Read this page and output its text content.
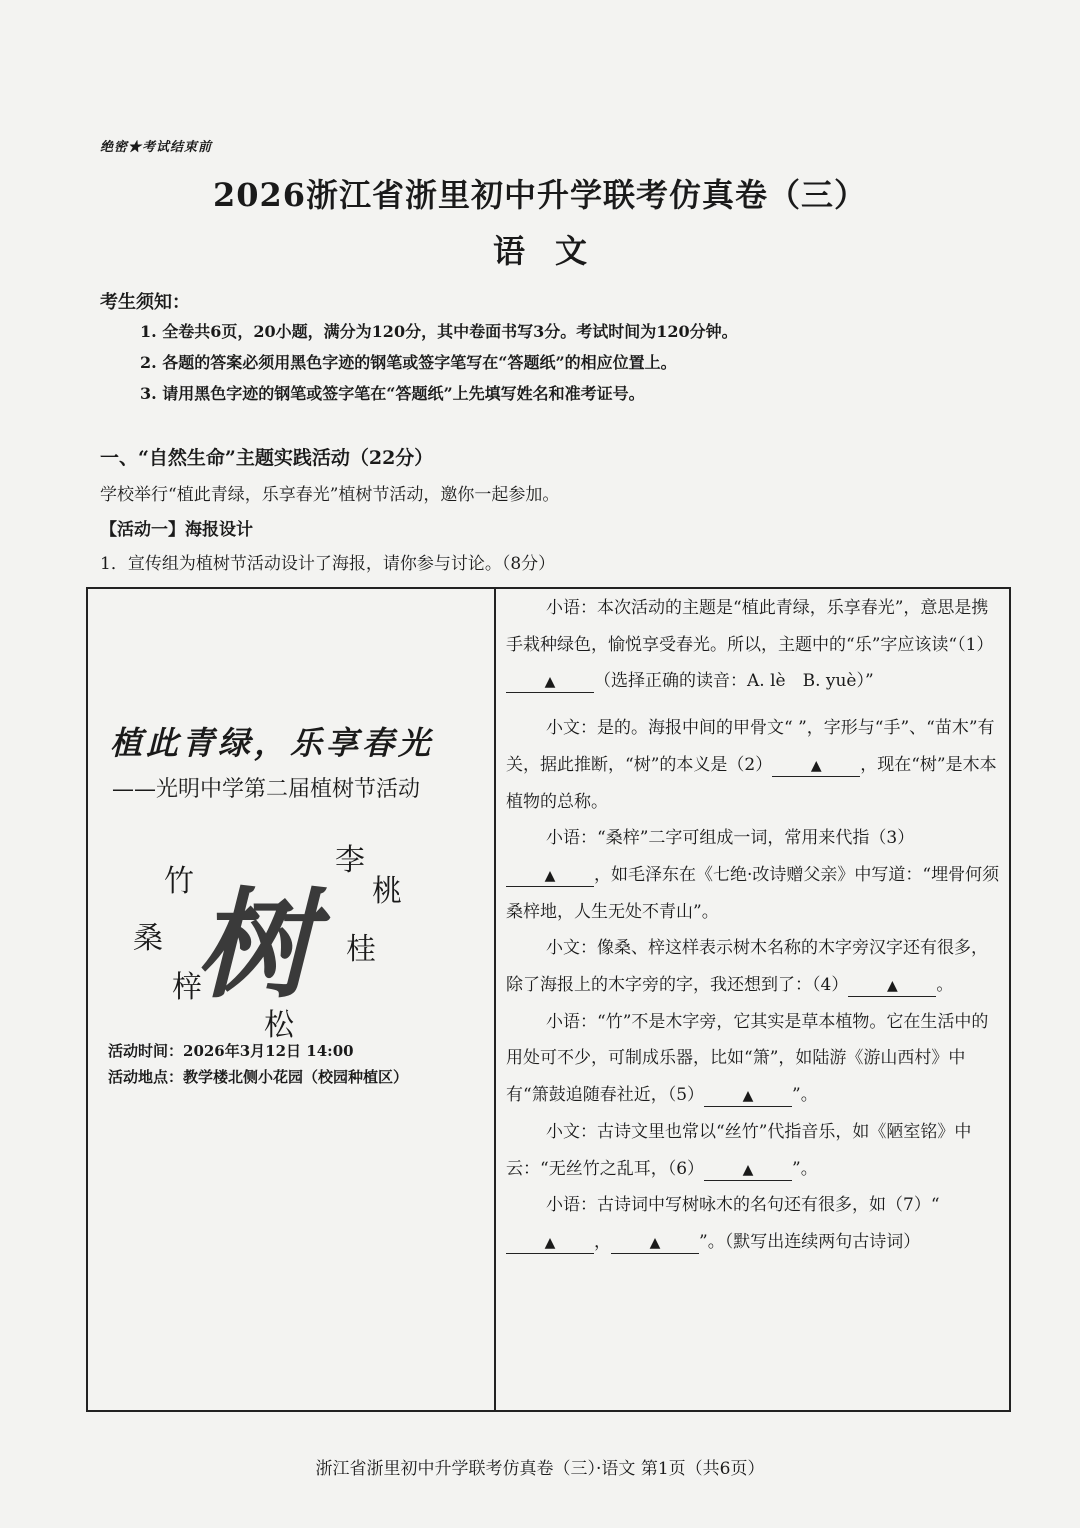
绝密★考试结束前
2026浙江省浙里初中升学联考仿真卷（三）
语文
考生须知：
1. 全卷共6页，20小题，满分为120分，其中卷面书写3分。考试时间为120分钟。
2. 各题的答案必须用黑色字迹的钢笔或签字笔写在“答题纸”的相应位置上。
3. 请用黑色字迹的钢笔或签字笔在“答题纸”上先填写姓名和准考证号。
一、“自然生命”主题实践活动（22分）
学校举行“植此青绿，乐享春光”植树节活动，邀你一起参加。
【活动一】海报设计
1．宣传组为植树节活动设计了海报，请你参与讨论。（8分）
植此青绿，乐享春光
——光明中学第二届植树节活动
树
竹
李
桃
桑	桂
梓
松
活动时间：2026年3月12日 14:00
活动地点：教学楼北侧小花园（校园种植区）

小语：本次活动的主题是“植此青绿，乐享春光”，意思是携手栽种绿色，愉悦享受春光。所以，主题中的“乐”字应该读“（1）▲ （选择正确的读音：A. lè　B. yuè）”

小文：是的。海报中间的甲骨文“ ”，字形与“手”、“苗木”有关，据此推断，“树”的本义是（2）	▲ ，现在“树”是木本植物的总称。

小语：“桑梓”二字可组成一词，常用来代指（3）▲ ，如毛泽东在《七绝·改诗赠父亲》中写道：“埋骨何须桑梓地，人生无处不青山”。

小文：像桑、梓这样表示树木名称的木字旁汉字还有很多，除了海报上的木字旁的字，我还想到了：（4）	▲ 。

小语：“竹”不是木字旁，它其实是草本植物。它在生活中的用处可不少，可制成乐器，比如“箫”，如陆游《游山西村》中有“箫鼓追随春社近，（5）	▲ ”。

小文：古诗文里也常以“丝竹”代指音乐，如《陋室铭》中云：“无丝竹之乱耳，（6）	▲ ”。

小语：古诗词中写树咏木的名句还有很多，如（7）“▲ ，	▲ ”。（默写出连续两句古诗词）

浙江省浙里初中升学联考仿真卷（三）·语文 第1页（共6页）
